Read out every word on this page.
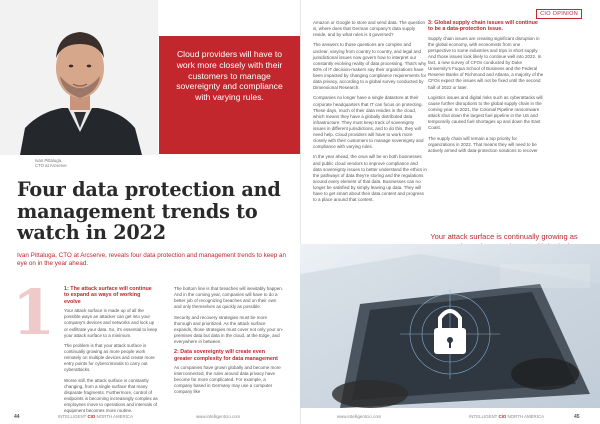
Ivan Pittaluga,
CTO at Arcserve

Cloud providers will have to work more closely with their customers to manage sovereignty and compliance with varying rules.

Four data protection and management trends to watch in 2022

Ivan Pittaluga, CTO at Arcserve, reveals four data protection and management trends to keep an eye on in the year ahead.

1 1: The attack surface will continue to expand as ways of working evolve

Your attack surface is made up of all the possible ways an attacker can get into your company's devices and networks and lock up or exfiltrate your data. So, it's essential to keep your attack surface to a minimum.

The problem is that your attack surface is continually growing as more people work remotely on multiple devices and create more entry points for cybercriminals to carry out cyberattacks.

Worse still, the attack surface is constantly changing, from a single surface that many disparate fragments. Furthermore, control of endpoints is becoming increasingly complex as employees move to operations and intervals of equipment becomes more routine.

The bottom line is that breaches will inevitably happen. And in the coming year, companies will have to do a better job of recognizing breaches and on their own and only themselves as quickly as possible.

Security and recovery strategies must be more thorough and prioritized. As the attack surface expands, those strategies must cover not only your on-premises data but data in the cloud, at the Edge, and everywhere in between.

2: Data sovereignty will create even greater complexity for data management

As companies have grown globally and become more interconnected, the rules around data privacy have become far more complicated. For example, a company based in Germany may use a computer company like

44	INTELLIGENT CIO NORTH AMERICA	www.intelligentcio.com
CIO OPINION

Amazon or Google to store and send data. The question is, where does that German company's data supply reside, and by what rules is it governed?

The answers to those questions are complex and unclear, varying from country to country, and legal and jurisdictional issues now govern how to interpret our constantly evolving reality of data processing. That's why 60% of IT decision-makers say their organizations have been impacted by changing compliance requirements for data privacy, according to a global survey conducted by Dimensional Research.

Companies no longer have a single datastore at their corporate headquarters that IT can focus on protecting. These days, much of their data resides in the cloud, which means they have a globally distributed data infrastructure. They must keep track of sovereignty issues in different jurisdictions, and to do this, they will need help. Cloud providers will have to work more closely with their customers to manage sovereignty and compliance with varying rules.

In the year ahead, the onus will be on both businesses and public cloud vendors to improve compliance and data sovereignty issues to better understand the ethics in the pathways of data they're storing and the regulations around every element of that data. Businesses can no longer be satisfied by simply leaving up data. They will have to get smart about their data content and progress to a place around that content.

3: Global supply chain issues will continue to be a data-protection issue.

Supply chain issues are creating significant disruption in the global economy, with economists from one perspective to some industries and trips in short supply. And those issues look likely to continue well into 2022. In fact, a new survey of CFOs conducted by Duke University's Fuqua School of Business and the Federal Reserve Banks of Richmond and Atlanta, a majority of the CFOs expect the issues will not be fixed until the second half of 2022 or later.

Logistics issues and digital risks such as cyberattacks will cause further disruptions to the global supply chain in the coming year. In 2021, the Colonial Pipeline ransomware attack shut down the largest fuel pipeline in the US and temporarily caused fuel shortages up and down the East Coast.

The supply chain will remain a top priority for organizations in 2022. That means they will need to be actively armed with data-protection solutions to recover

www.intelligentcio.com	INTELLIGENT CIO NORTH AMERICA	45

Your attack surface is continually growing as
